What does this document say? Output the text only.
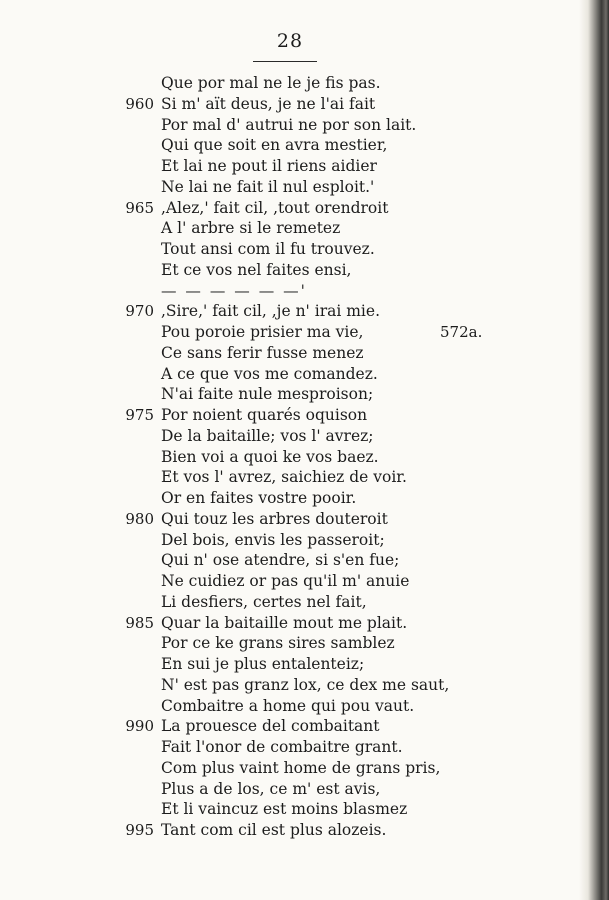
28
Que por mal ne le je fis pas.
960 Si m' aït deus, je ne l'ai fait
Por mal d' autrui ne por son lait.
Qui que soit en avra mestier,
Et lai ne pout il riens aidier
Ne lai ne fait il nul esploit.'
965 ,Alez,' fait cil, ,tout orendroit
A l' arbre si le remetez
Tout ansi com il fu trouvez.
Et ce vos nel faites ensi,
— — — — — —'
970 ,Sire,' fait cil, ,je n' irai mie.
Pou poroie prisier ma vie,	572a.
Ce sans ferir fusse menez
A ce que vos me comandez.
N'ai faite nule mesproison;
975 Por noient quarés oquison
De la baitaille; vos l' avrez;
Bien voi a quoi ke vos baez.
Et vos l' avrez, saichiez de voir.
Or en faites vostre pooir.
980 Qui touz les arbres douteroit
Del bois, envis les passeroit;
Qui n' ose atendre, si s'en fue;
Ne cuidiez or pas qu'il m' anuie
Li desfiers, certes nel fait,
985 Quar la baitaille mout me plait.
Por ce ke grans sires samblez
En sui je plus entalenteiz;
N' est pas granz lox, ce dex me saut,
Combaitre a home qui pou vaut.
990 La prouesce del combaitant
Fait l'onor de combaitre grant.
Com plus vaint home de grans pris,
Plus a de los, ce m' est avis,
Et li vaincuz est moins blasmez
995 Tant com cil est plus alozeis.
